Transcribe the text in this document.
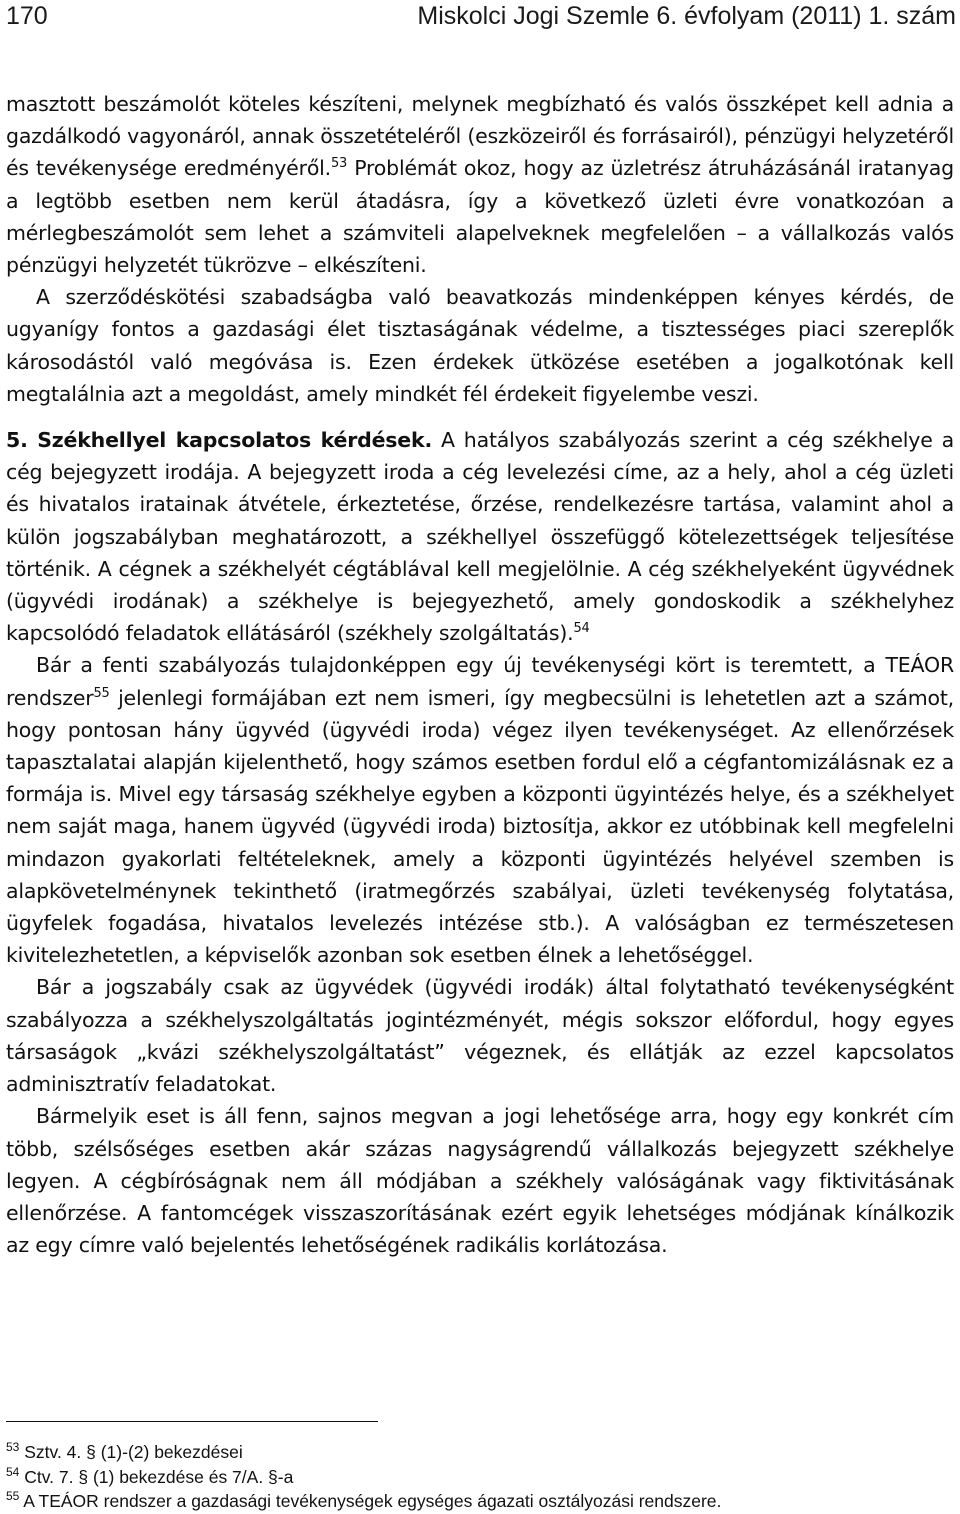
170	Miskolci Jogi Szemle 6. évfolyam (2011) 1. szám

masztott beszámolót köteles készíteni, melynek megbízható és valós összképet kell adnia a gazdálkodó vagyonáról, annak összetételéről (eszközeiről és forrásairól), pénzügyi helyzetéről és tevékenysége eredményéről.$^{53}$ Problémát okoz, hogy az üzletrész átruházásánál iratanyag a legtöbb esetben nem kerül átadásra, így a következő üzleti évre vonatkozóan a mérlegbeszámolót sem lehet a számviteli alapelveknek megfelelően – a vállalkozás valós pénzügyi helyzetét tükrözve – elkészíteni.

A szerződéskötési szabadságba való beavatkozás mindenképpen kényes kérdés, de ugyanígy fontos a gazdasági élet tisztaságának védelme, a tisztességes piaci szereplők károsodástól való megóvása is. Ezen érdekek ütközése esetében a jogalkotónak kell megtalálnia azt a megoldást, amely mindkét fél érdekeit figyelembe veszi.

5. Székhellyel kapcsolatos kérdések. A hatályos szabályozás szerint a cég székhelye a cég bejegyzett irodája. A bejegyzett iroda a cég levelezési címe, az a hely, ahol a cég üzleti és hivatalos iratainak átvétele, érkeztetése, őrzése, rendelkezésre tartása, valamint ahol a külön jogszabályban meghatározott, a székhellyel összefüggő kötelezettségek teljesítése történik. A cégnek a székhelyét cégtáblával kell megjelölnie. A cég székhelyeként ügyvédnek (ügyvédi irodának) a székhelye is bejegyezhető, amely gondoskodik a székhelyhez kapcsolódó feladatok ellátásáról (székhely szolgáltatás).$^{54}$

Bár a fenti szabályozás tulajdonképpen egy új tevékenységi kört is teremtett, a TEÁOR rendszer$^{55}$ jelenlegi formájában ezt nem ismeri, így megbecsülni is lehetetlen azt a számot, hogy pontosan hány ügyvéd (ügyvédi iroda) végez ilyen tevékenységet. Az ellenőrzések tapasztalatai alapján kijelenthető, hogy számos esetben fordul elő a cégfantomizálásnak ez a formája is. Mivel egy társaság székhelye egyben a központi ügyintézés helye, és a székhelyet nem saját maga, hanem ügyvéd (ügyvédi iroda) biztosítja, akkor ez utóbbinak kell megfelelni mindazon gyakorlati feltételeknek, amely a központi ügyintézés helyével szemben is alapkövetelménynek tekinthető (iratmegőrzés szabályai, üzleti tevékenység folytatása, ügyfelek fogadása, hivatalos levelezés intézése stb.). A valóságban ez természetesen kivitelezhetetlen, a képviselők azonban sok esetben élnek a lehetőséggel.

Bár a jogszabály csak az ügyvédek (ügyvédi irodák) által folytatható tevékenységként szabályozza a székhelyszolgáltatás jogintézményét, mégis sokszor előfordul, hogy egyes társaságok „kvázi székhelyszolgáltatást” végeznek, és ellátják az ezzel kapcsolatos adminisztratív feladatokat.

Bármelyik eset is áll fenn, sajnos megvan a jogi lehetősége arra, hogy egy konkrét cím több, szélsőséges esetben akár százas nagyságrendű vállalkozás bejegyzett székhelye legyen. A cégbíróságnak nem áll módjában a székhely valóságának vagy fiktivitásának ellenőrzése. A fantomcégek visszaszorításának ezért egyik lehetséges módjának kínálkozik az egy címre való bejelentés lehetőségének radikális korlátozása.

$^{53}$ Sztv. 4. § (1)-(2) bekezdései

$^{54}$ Ctv. 7. § (1) bekezdése és 7/A. §-a

$^{55}$ A TEÁOR rendszer a gazdasági tevékenységek egységes ágazati osztályozási rendszere.
